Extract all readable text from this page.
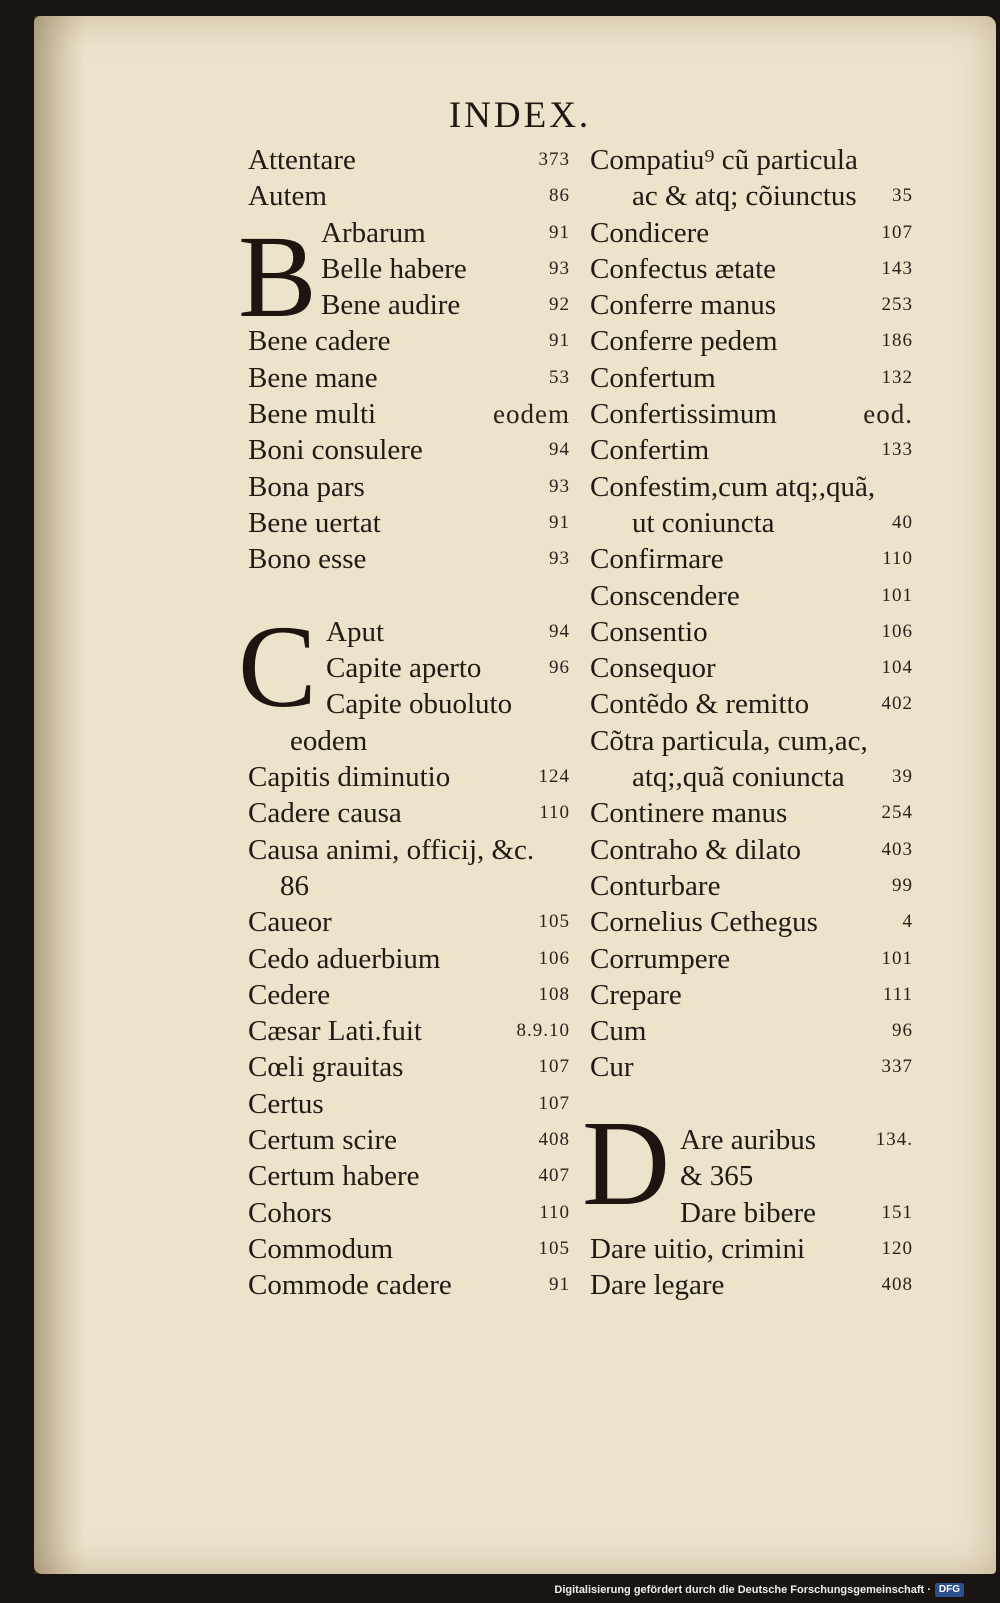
INDEX.
B
C
D
Attentare	373
Autem	86
Arbarum	91
Belle habere	93
Bene audire	92
Bene cadere	91
Bene mane	53
Bene multi	eodem
Boni consulere	94
Bona pars	93
Bene uertat	91
Bono esse	93
Aput	94
Capite aperto	96
Capite obuoluto
eodem
Capitis diminutio	124
Cadere causa	110
Causa animi, officij, &c.
86
Caueor	105
Cedo aduerbium	106
Cedere	108
Cæsar Lati.fuit	8.9.10
Cœli grauitas	107
Certus	107
Certum scire	408
Certum habere	407
Cohors	110
Commodum	105
Commode cadere	91
Compatiu⁹ cũ particula
ac & atq; cõiunctus 35
Condicere	107
Confectus ætate	143
Conferre manus	253
Conferre pedem	186
Confertum	132
Confertissimum	eod.
Confertim	133
Confestim,cum atq;,quã,
ut coniuncta	40
Confirmare	110
Conscendere	101
Consentio	106
Consequor	104
Contẽdo & remitto	402
Cõtra particula, cum,ac,
atq;,quã coniuncta 39
Continere manus	254
Contraho & dilato	403
Conturbare	99
Cornelius Cethegus	4
Corrumpere	101
Crepare	111
Cum	96
Cur	337
Are auribus	134.
& 365
Dare bibere	151
Dare uitio, crimini	120
Dare legare	408
Digitalisierung gefördert durch die Deutsche Forschungsgemeinschaft · DFG
